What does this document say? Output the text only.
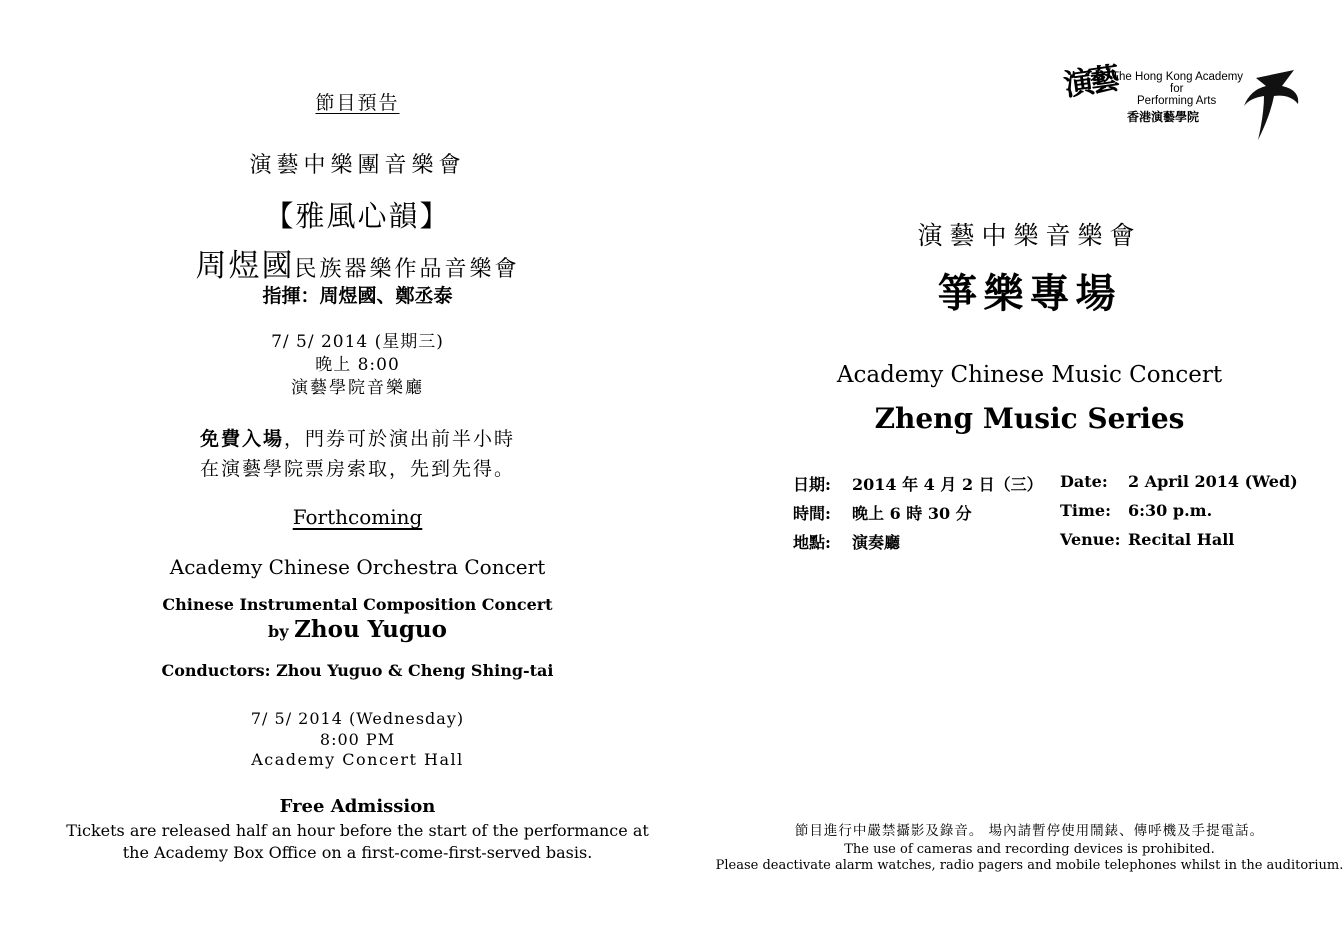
節目預告
演藝中樂團音樂會
【雅風心韻】
周煜國民族器樂作品音樂會
指揮：周煜國、鄭丞泰
7/ 5/ 2014 (星期三)
晚上 8:00
演藝學院音樂廳
免費入場，門券可於演出前半小時
在演藝學院票房索取，先到先得。
Forthcoming
Academy Chinese Orchestra Concert
Chinese Instrumental Composition Concert
by Zhou Yuguo
Conductors: Zhou Yuguo & Cheng Shing-tai
7/ 5/ 2014 (Wednesday)
8:00 PM
Academy Concert Hall
Free Admission
Tickets are released half an hour before the start of the performance at
the Academy Box Office on a first-come-first-served basis.
演藝
The Hong Kong Academy
for
Performing Arts
香港演藝學院
演藝中樂音樂會
箏樂專場
Academy Chinese Music Concert
Zheng Music Series
日期: 2014 年 4 月 2 日（三） Date: 2 April 2014 (Wed)
時間: 晚上 6 時 30 分	Time: 6:30 p.m.
地點: 演奏廳	Venue: Recital Hall
節目進行中嚴禁攝影及錄音。 場內請暫停使用鬧錶、傳呼機及手提電話。
The use of cameras and recording devices is prohibited.
Please deactivate alarm watches, radio pagers and mobile telephones whilst in the auditorium.
